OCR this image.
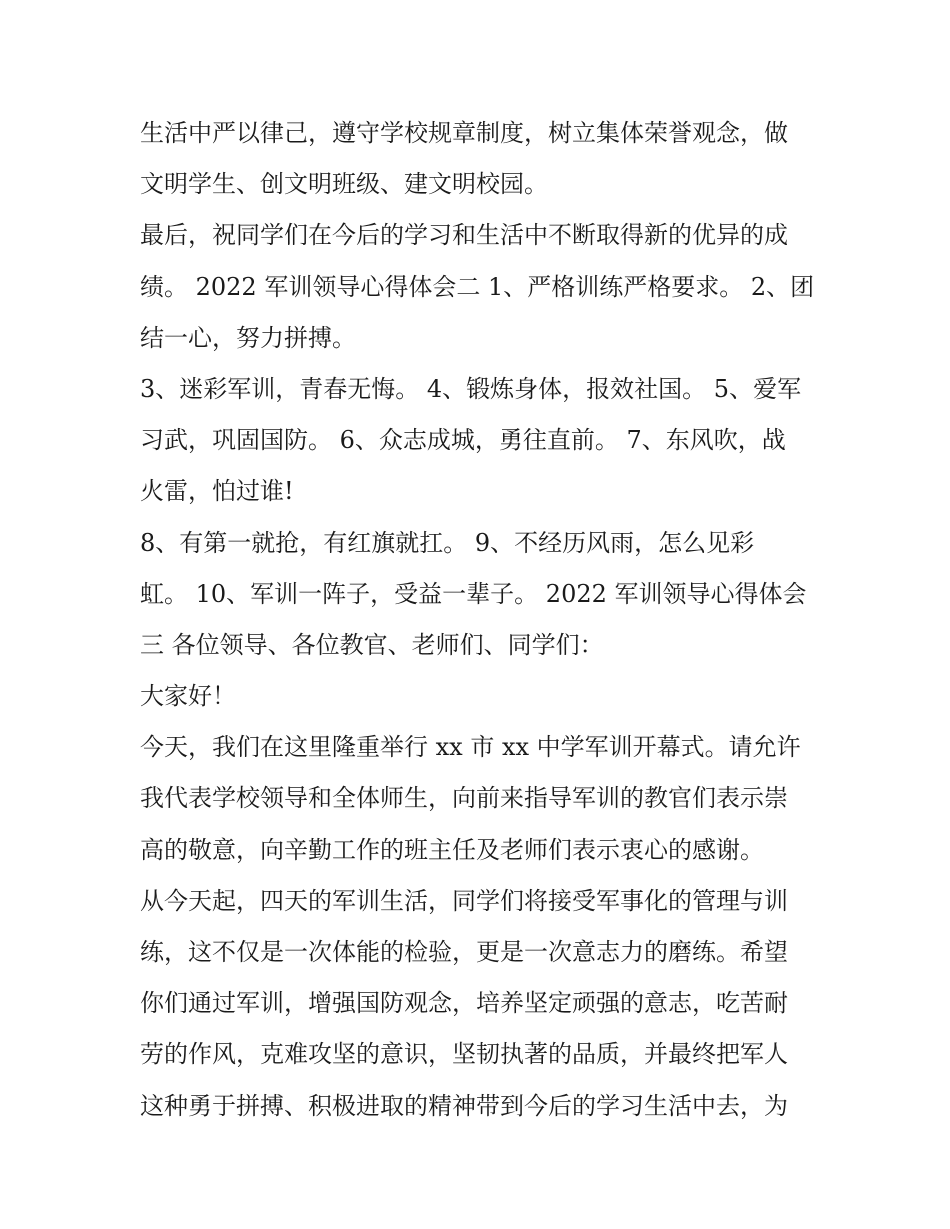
生活中严以律己，遵守学校规章制度，树立集体荣誉观念，做
文明学生、创文明班级、建文明校园。
最后，祝同学们在今后的学习和生活中不断取得新的优异的成
绩。 2022 军训领导心得体会二 1、严格训练严格要求。 2、团
结一心，努力拼搏。
3、迷彩军训，青春无悔。 4、锻炼身体，报效社国。 5、爱军
习武，巩固国防。 6、众志成城，勇往直前。 7、东风吹，战
火雷，怕过谁!
8、有第一就抢，有红旗就扛。 9、不经历风雨，怎么见彩
虹。 10、军训一阵子，受益一辈子。 2022 军训领导心得体会
三 各位领导、各位教官、老师们、同学们：
大家好！
今天，我们在这里隆重举行 xx 市 xx 中学军训开幕式。请允许
我代表学校领导和全体师生，向前来指导军训的教官们表示崇
高的敬意，向辛勤工作的班主任及老师们表示衷心的感谢。
从今天起，四天的军训生活，同学们将接受军事化的管理与训
练，这不仅是一次体能的检验，更是一次意志力的磨练。希望
你们通过军训，增强国防观念，培养坚定顽强的意志，吃苦耐
劳的作风，克难攻坚的意识，坚韧执著的品质，并最终把军人
这种勇于拼搏、积极进取的精神带到今后的学习生活中去，为
